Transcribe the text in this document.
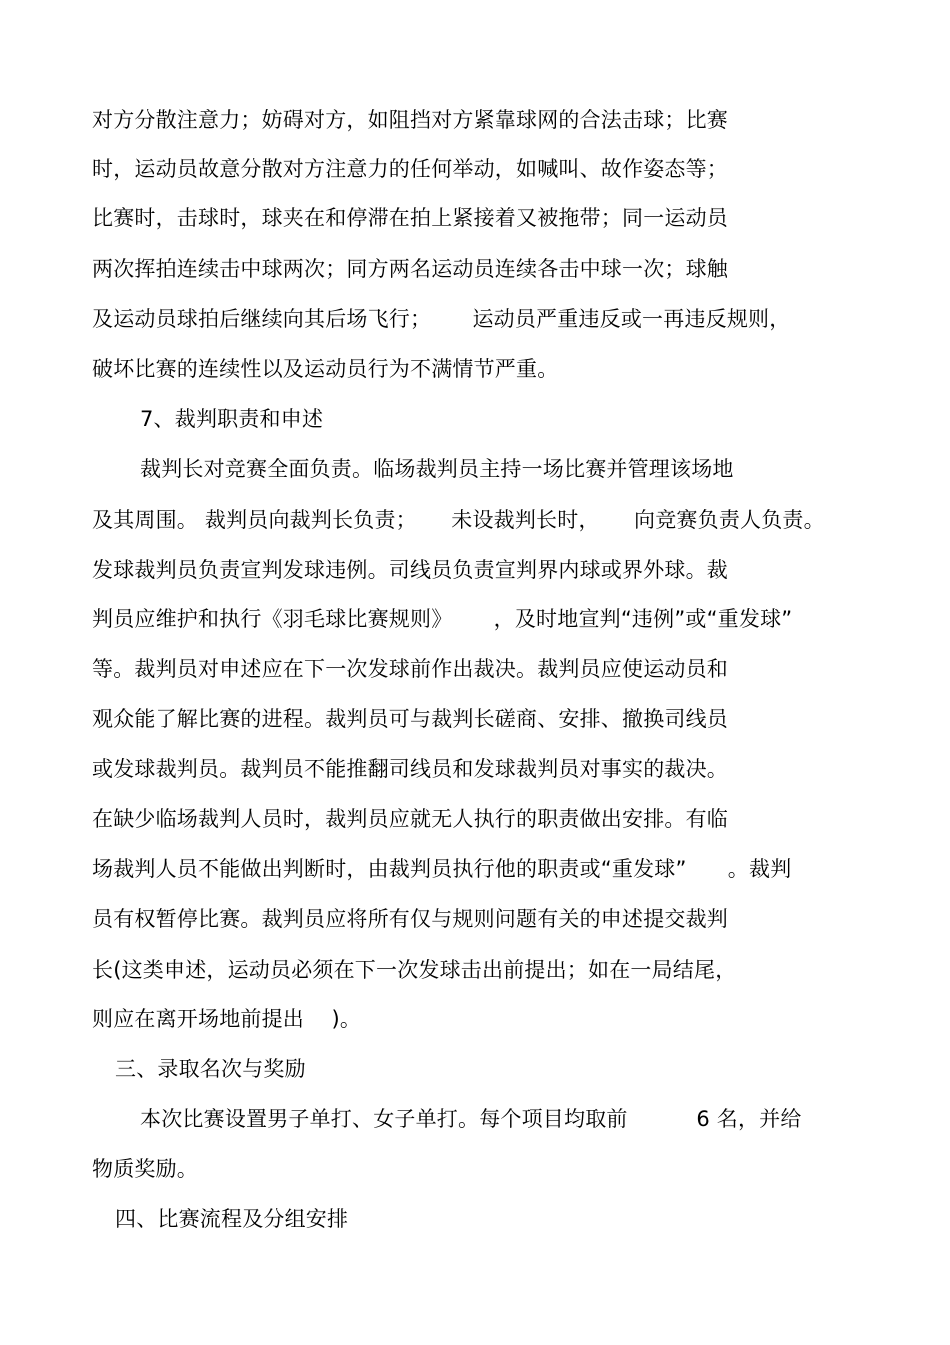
对方分散注意力；妨碍对方，如阻挡对方紧靠球网的合法击球；比赛
时，运动员故意分散对方注意力的任何举动，如喊叫、故作姿态等；
比赛时，击球时，球夹在和停滞在拍上紧接着又被拖带；同一运动员
两次挥拍连续击中球两次；同方两名运动员连续各击中球一次；球触
及运动员球拍后继续向其后场飞行；      运动员严重违反或一再违反规则，
破坏比赛的连续性以及运动员行为不满情节严重。
7、裁判职责和申述
裁判长对竞赛全面负责。临场裁判员主持一场比赛并管理该场地
及其周围。 裁判员向裁判长负责；     未设裁判长时，     向竞赛负责人负责。
发球裁判员负责宣判发球违例。司线员负责宣判界内球或界外球。裁
判员应维护和执行《羽毛球比赛规则》      ，及时地宣判“违例”或“重发球”
等。裁判员对申述应在下一次发球前作出裁决。裁判员应使运动员和
观众能了解比赛的进程。裁判员可与裁判长磋商、安排、撤换司线员
或发球裁判员。裁判员不能推翻司线员和发球裁判员对事实的裁决。
在缺少临场裁判人员时，裁判员应就无人执行的职责做出安排。有临
场裁判人员不能做出判断时，由裁判员执行他的职责或“重发球”      。裁判
员有权暂停比赛。裁判员应将所有仅与规则问题有关的申述提交裁判
长(这类申述，运动员必须在下一次发球击出前提出；如在一局结尾，
则应在离开场地前提出    )。
三、录取名次与奖励
本次比赛设置男子单打、女子单打。每个项目均取前          6 名，并给
物质奖励。
四、比赛流程及分组安排
